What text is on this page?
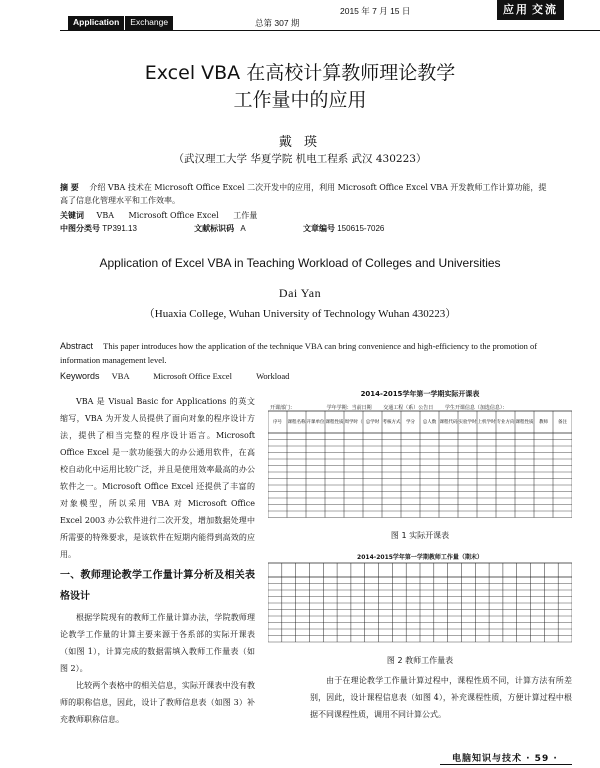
Application	Exchange	总第 307 期
2015 年 7 月 15 日	应用 交流
Excel VBA 在高校计算教师理论教学
工作量中的应用
戴 瑛
（武汉理工大学 华夏学院 机电工程系 武汉 430223）
摘 要 介绍 VBA 技术在 Microsoft Office Excel 二次开发中的应用，利用 Microsoft Office Excel VBA 开发教师工作计算功能，提高了信息化管理水平和工作效率。
关键词 VBA Microsoft Office Excel 工作量
中图分类号 TP391.13	文献标识码 A	文章编号 150615-7026
Application of Excel VBA in Teaching Workload of Colleges and Universities
Dai Yan
（Huaxia College, Wuhan University of Technology Wuhan 430223）
Abstract This paper introduces how the application of the technique VBA can bring convenience and high-efficiency to the promotion of information management level.
Keywords VBA	Microsoft Office Excel	Workload

VBA 是 Visual Basic for Applications 的英文缩写，VBA 为开发人员提供了面向对象的程序设计方法，提供了相当完整的程序设计语言。Microsoft Office Excel 是一款功能强大的办公通用软件，在高校自动化中运用比较广泛，并且是使用效率最高的办公软件之一。Microsoft Office Excel 还提供了丰富的对象模型，所以采用 VBA 对 Microsoft Office Excel 2003 办公软件进行二次开发，增加数据处理中所需要的特殊要求，是该软件在短期内能得到高效的应用。

一、教师理论教学工作量计算分析及相关表格设计

根据学院现有的教师工作量计算办法，学院教师理论教学工作量的计算主要来源于各系部的实际开课表（如图 1），计算完成的数据需填入教师工作量表（如图 2）。

比较两个表格中的相关信息，实际开课表中没有教师的职称信息，因此，设计了教师信息表（如图 3）补充教师职称信息。

2014-2015学年第一学期实际开课表
开课部门：	学年学期：当前日期 交通工程（系）公告日 学生开课信息（加选信息）：
序号 课程名称 开课单位 课程性质 周学时（ 总学时 考核方式 学分 总人数 课程代码 实验学时 上机学时 专业方向 课程性质 教师 备注
图 1 实际开课表
2014-2015学年第一学期教师工作量（期末）
图 2 教师工作量表

由于在理论教学工作量计算过程中，课程性质不同，计算方法有所差别，因此，设计课程信息表（如图 4），补充课程性质，方便计算过程中根据不同课程性质，调用不同计算公式。

电脑知识与技术 · 59 ·
